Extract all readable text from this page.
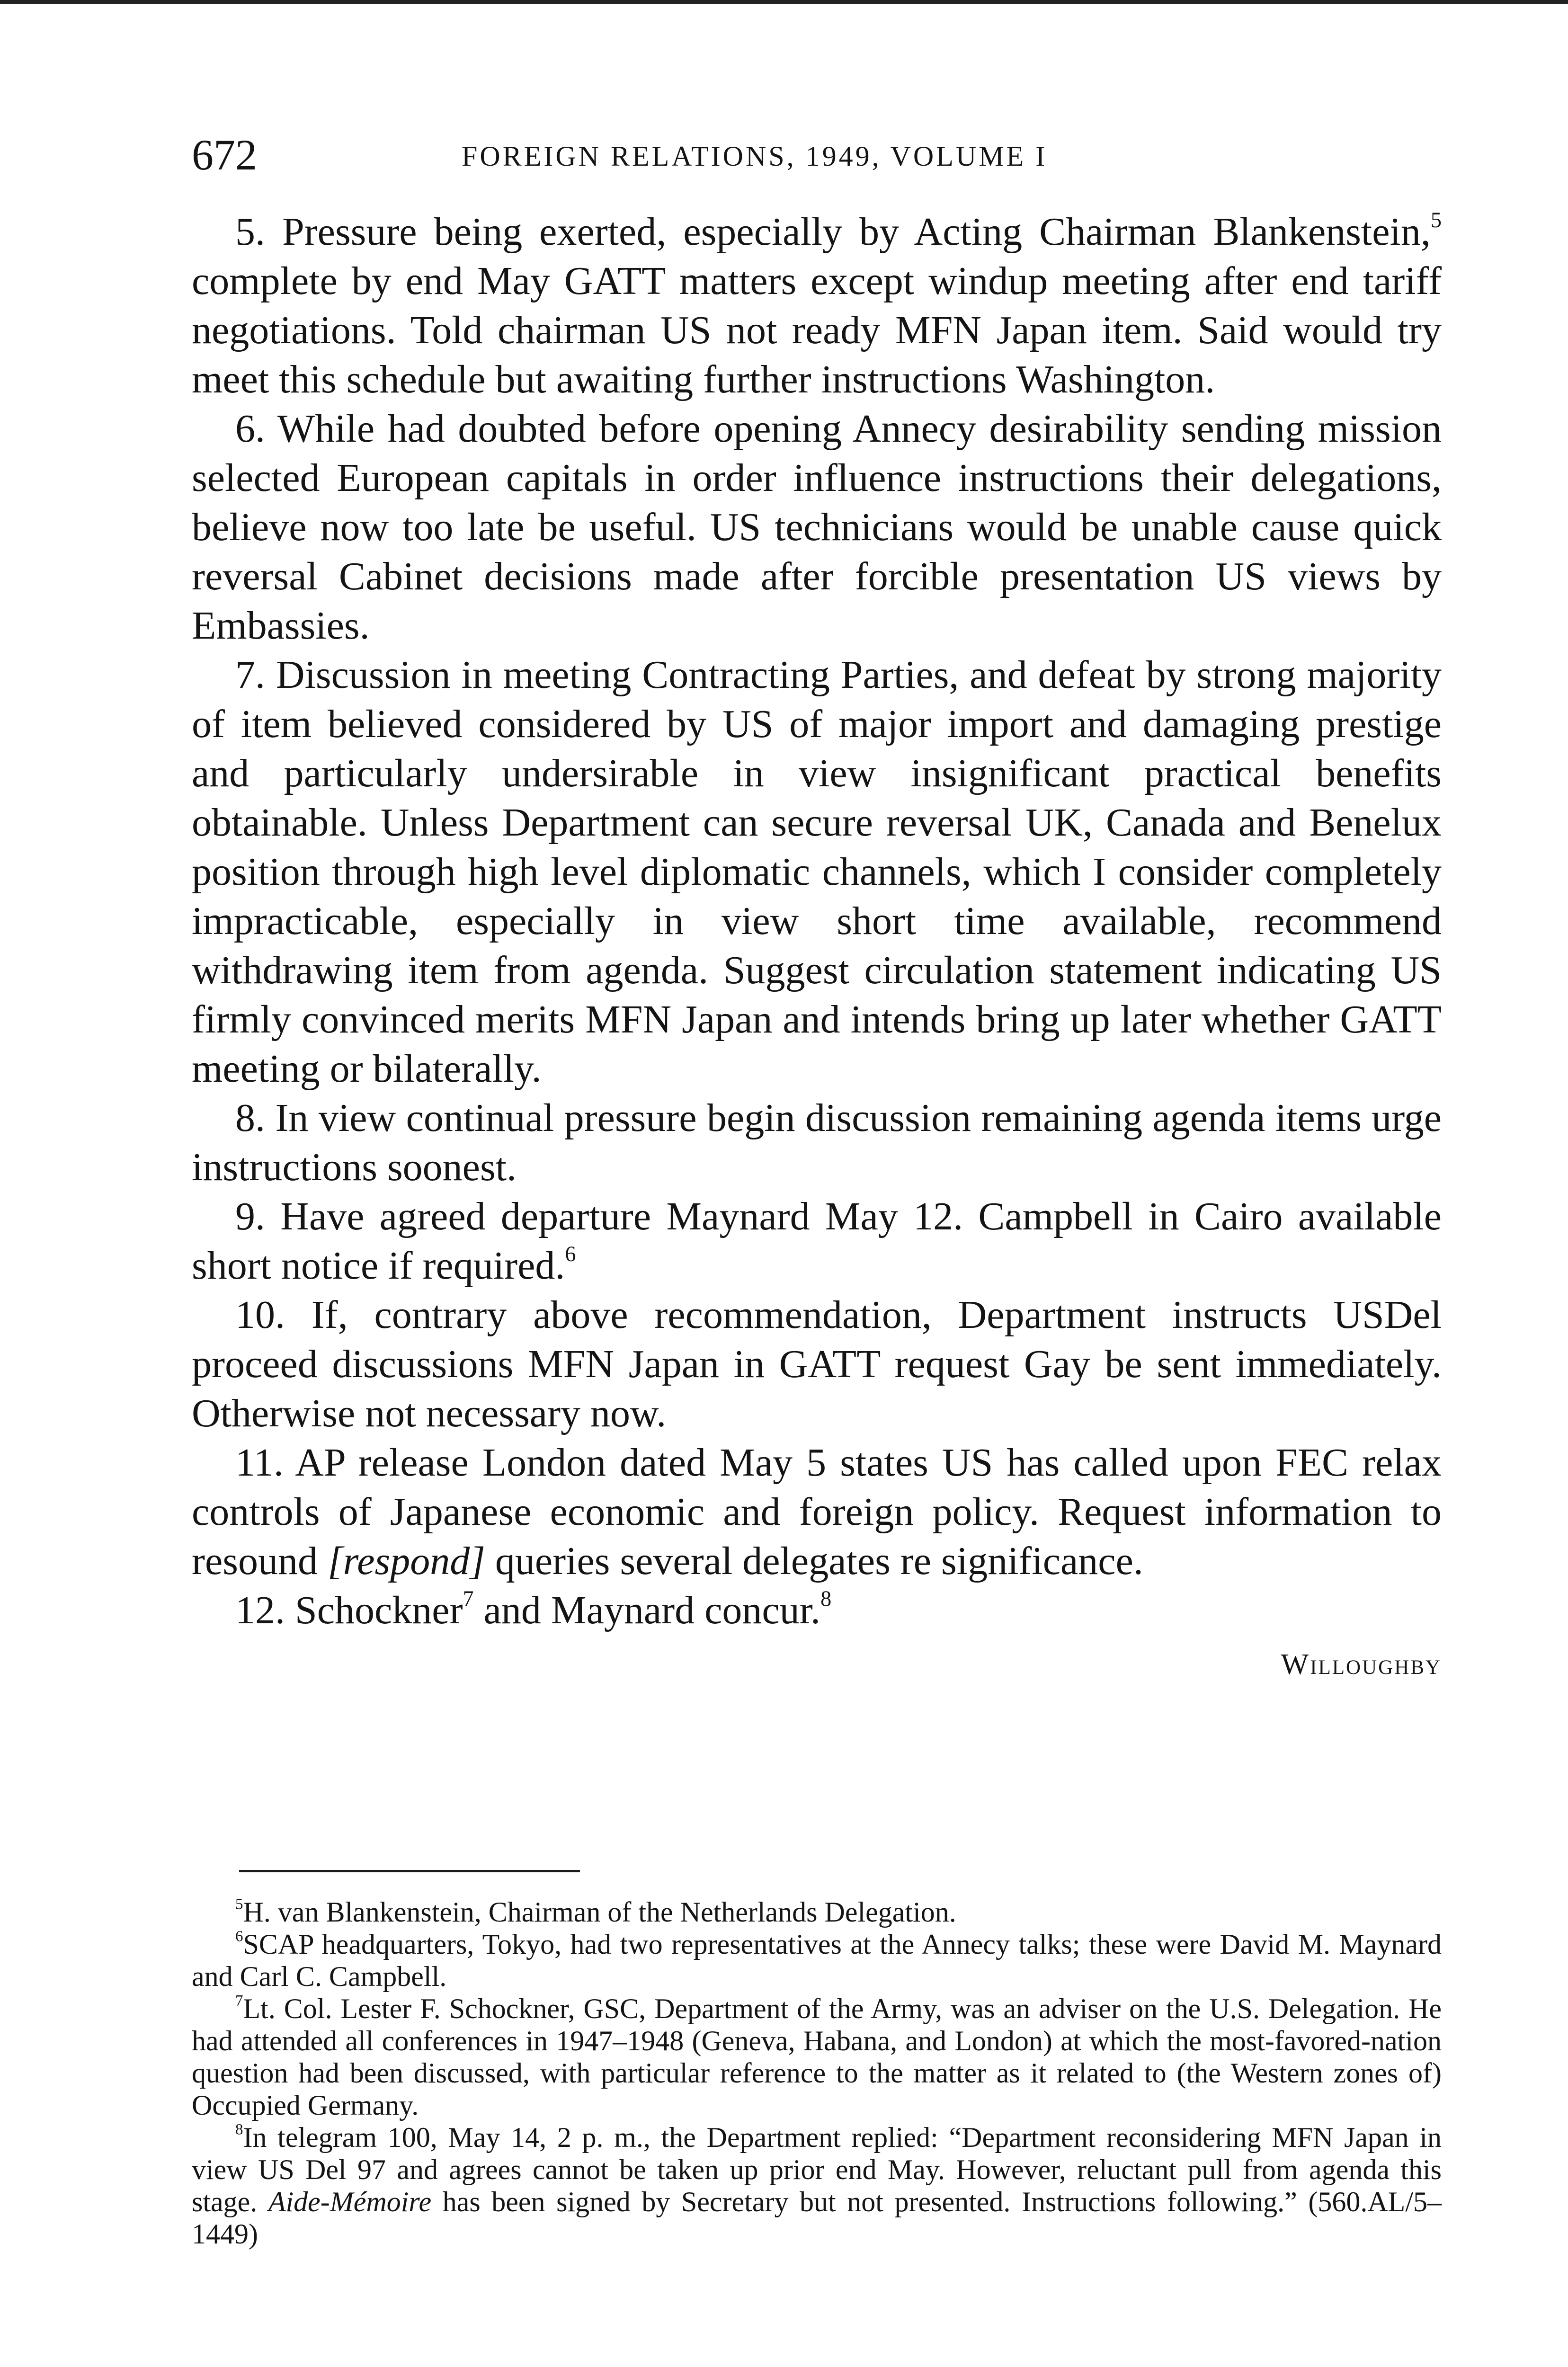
672	FOREIGN RELATIONS, 1949, VOLUME I

5. Pressure being exerted, especially by Acting Chairman Blankenstein,$^5$ complete by end May GATT matters except windup meeting after end tariff negotiations. Told chairman US not ready MFN Japan item. Said would try meet this schedule but awaiting further instructions Washington.

6. While had doubted before opening Annecy desirability sending mission selected European capitals in order influence instructions their delegations, believe now too late be useful. US technicians would be unable cause quick reversal Cabinet decisions made after forcible presentation US views by Embassies.

7. Discussion in meeting Contracting Parties, and defeat by strong majority of item believed considered by US of major import and damaging prestige and particularly undersirable in view insignificant practical benefits obtainable. Unless Department can secure reversal UK, Canada and Benelux position through high level diplomatic channels, which I consider completely impracticable, especially in view short time available, recommend withdrawing item from agenda. Suggest circulation statement indicating US firmly convinced merits MFN Japan and intends bring up later whether GATT meeting or bilaterally.

8. In view continual pressure begin discussion remaining agenda items urge instructions soonest.

9. Have agreed departure Maynard May 12. Campbell in Cairo available short notice if required.$^6$

10. If, contrary above recommendation, Department instructs USDel proceed discussions MFN Japan in GATT request Gay be sent immediately. Otherwise not necessary now.

11. AP release London dated May 5 states US has called upon FEC relax controls of Japanese economic and foreign policy. Request information to resound [respond] queries several delegates re significance.

12. Schockner$^7$ and Maynard concur.$^8$

Willoughby

$^5$H. van Blankenstein, Chairman of the Netherlands Delegation.

$^6$SCAP headquarters, Tokyo, had two representatives at the Annecy talks; these were David M. Maynard and Carl C. Campbell.

$^7$Lt. Col. Lester F. Schockner, GSC, Department of the Army, was an adviser on the U.S. Delegation. He had attended all conferences in 1947–1948 (Geneva, Habana, and London) at which the most-favored-nation question had been discussed, with particular reference to the matter as it related to (the Western zones of) Occupied Germany.

$^8$In telegram 100, May 14, 2 p. m., the Department replied: “Department reconsidering MFN Japan in view US Del 97 and agrees cannot be taken up prior end May. However, reluctant pull from agenda this stage. Aide-Mémoire has been signed by Secretary but not presented. Instructions following.” (560.AL/5–1449)
